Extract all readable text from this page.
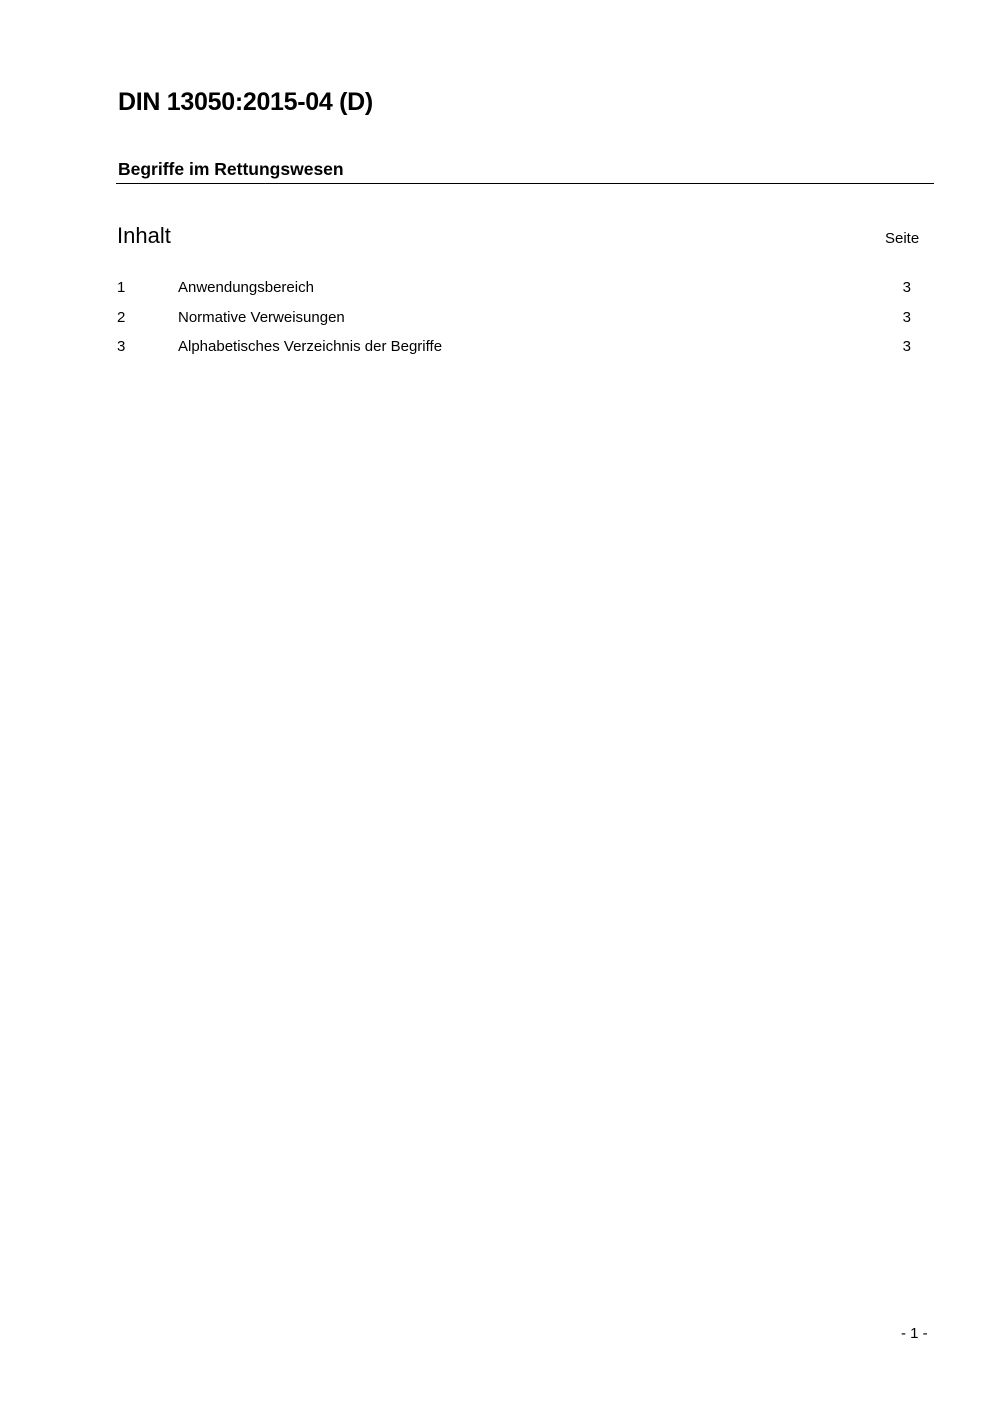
DIN 13050:2015-04 (D)
Begriffe im Rettungswesen
Inhalt	Seite
1	Anwendungsbereich	3
2	Normative Verweisungen	3
3	Alphabetisches Verzeichnis der Begriffe	3
- 1 -
